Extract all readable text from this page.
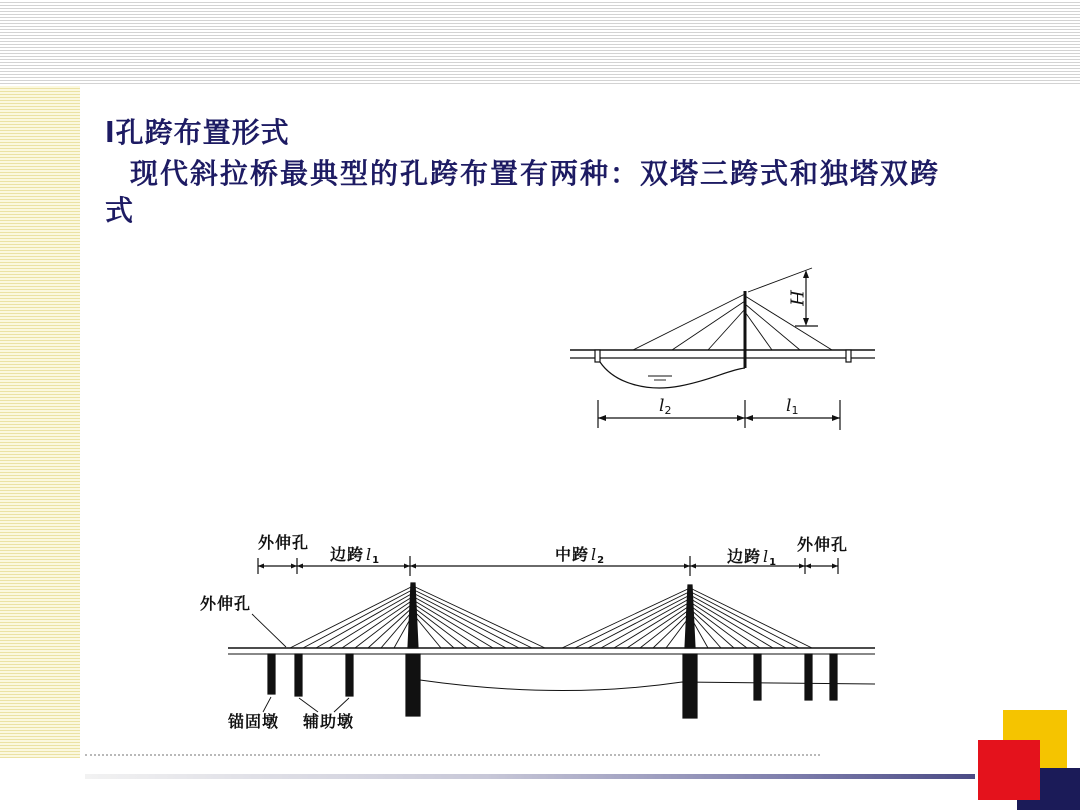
l孔跨布置形式

现代斜拉桥最典型的孔跨布置有两种：双塔三跨式和独塔双跨
式

H
l2	l1
外伸孔
边跨 l1	中跨 l2	边跨 l1
外伸孔
外伸孔
锚固墩 辅助墩
